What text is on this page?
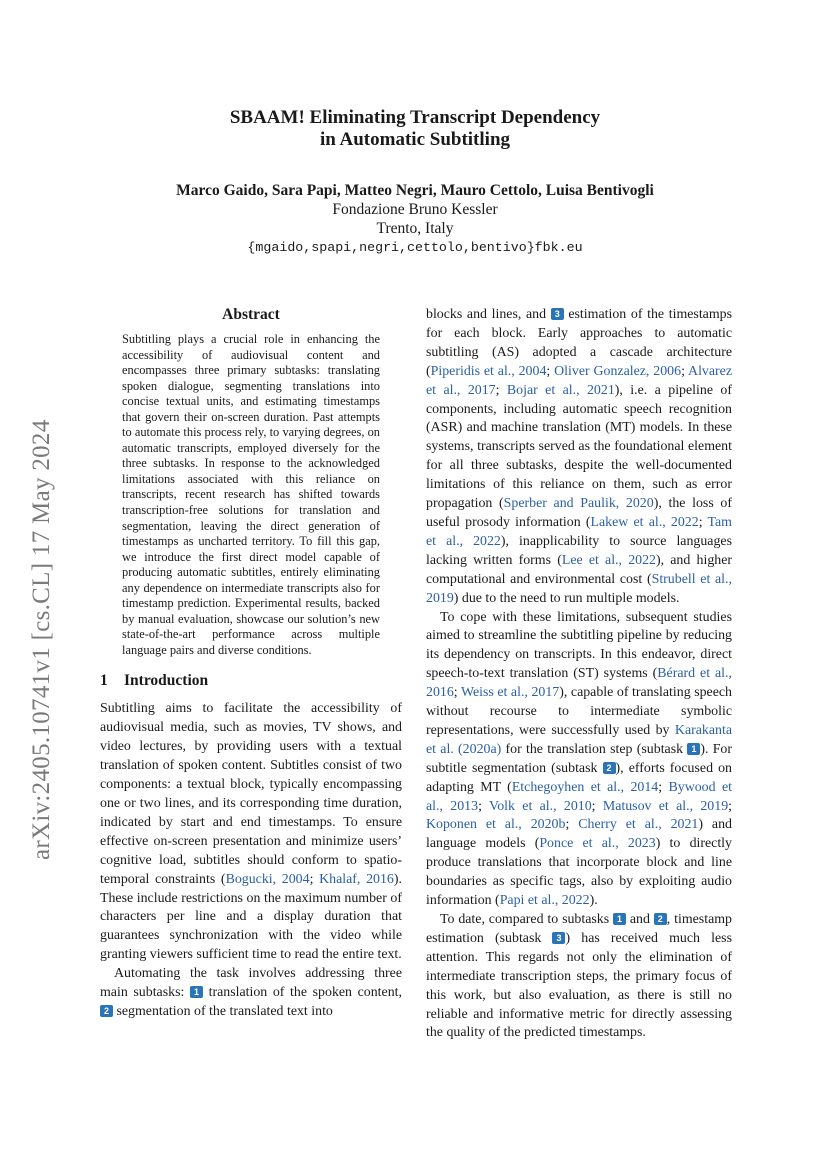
arXiv:2405.10741v1 [cs.CL] 17 May 2024
SBAAM! Eliminating Transcript Dependency
in Automatic Subtitling
Marco Gaido, Sara Papi, Matteo Negri, Mauro Cettolo, Luisa Bentivogli
Fondazione Bruno Kessler
Trento, Italy
{mgaido,spapi,negri,cettolo,bentivo}fbk.eu
Abstract

Subtitling plays a crucial role in enhancing the accessibility of audiovisual content and encompasses three primary subtasks: translating spoken dialogue, segmenting translations into concise textual units, and estimating timestamps that govern their on-screen duration. Past attempts to automate this process rely, to varying degrees, on automatic transcripts, employed diversely for the three subtasks. In response to the acknowledged limitations associated with this reliance on transcripts, recent research has shifted towards transcription-free solutions for translation and segmentation, leaving the direct generation of timestamps as uncharted territory. To fill this gap, we introduce the first direct model capable of producing automatic subtitles, entirely eliminating any dependence on intermediate transcripts also for timestamp prediction. Experimental results, backed by manual evaluation, showcase our solution’s new state-of-the-art performance across multiple language pairs and diverse conditions.

1 Introduction

Subtitling aims to facilitate the accessibility of audiovisual media, such as movies, TV shows, and video lectures, by providing users with a textual translation of spoken content. Subtitles consist of two components: a textual block, typically encompassing one or two lines, and its corresponding time duration, indicated by start and end timestamps. To ensure effective on-screen presentation and minimize users’ cognitive load, subtitles should conform to spatio-temporal constraints (Bogucki, 2004; Khalaf, 2016). These include restrictions on the maximum number of characters per line and a display duration that guarantees synchronization with the video while granting viewers sufficient time to read the entire text.

Automating the task involves addressing three main subtasks: 1 translation of the spoken content, 2 segmentation of the translated text into

blocks and lines, and 3 estimation of the timestamps for each block. Early approaches to automatic subtitling (AS) adopted a cascade architecture (Piperidis et al., 2004; Oliver Gonzalez, 2006; Alvarez et al., 2017; Bojar et al., 2021), i.e. a pipeline of components, including automatic speech recognition (ASR) and machine translation (MT) models. In these systems, transcripts served as the foundational element for all three subtasks, despite the well-documented limitations of this reliance on them, such as error propagation (Sperber and Paulik, 2020), the loss of useful prosody information (Lakew et al., 2022; Tam et al., 2022), inapplicability to source languages lacking written forms (Lee et al., 2022), and higher computational and environmental cost (Strubell et al., 2019) due to the need to run multiple models.

To cope with these limitations, subsequent studies aimed to streamline the subtitling pipeline by reducing its dependency on transcripts. In this endeavor, direct speech-to-text translation (ST) systems (Bérard et al., 2016; Weiss et al., 2017), capable of translating speech without recourse to intermediate symbolic representations, were successfully used by Karakanta et al. (2020a) for the translation step (subtask 1 ). For subtitle segmentation (subtask 2 ), efforts focused on adapting MT (Etchegoyhen et al., 2014; Bywood et al., 2013; Volk et al., 2010; Matusov et al., 2019; Koponen et al., 2020b; Cherry et al., 2021) and language models (Ponce et al., 2023) to directly produce translations that incorporate block and line boundaries as specific tags, also by exploiting audio information (Papi et al., 2022).

To date, compared to subtasks 1 and 2 , timestamp estimation (subtask 3 ) has received much less attention. This regards not only the elimination of intermediate transcription steps, the primary focus of this work, but also evaluation, as there is still no reliable and informative metric for directly assessing the quality of the predicted timestamps.
